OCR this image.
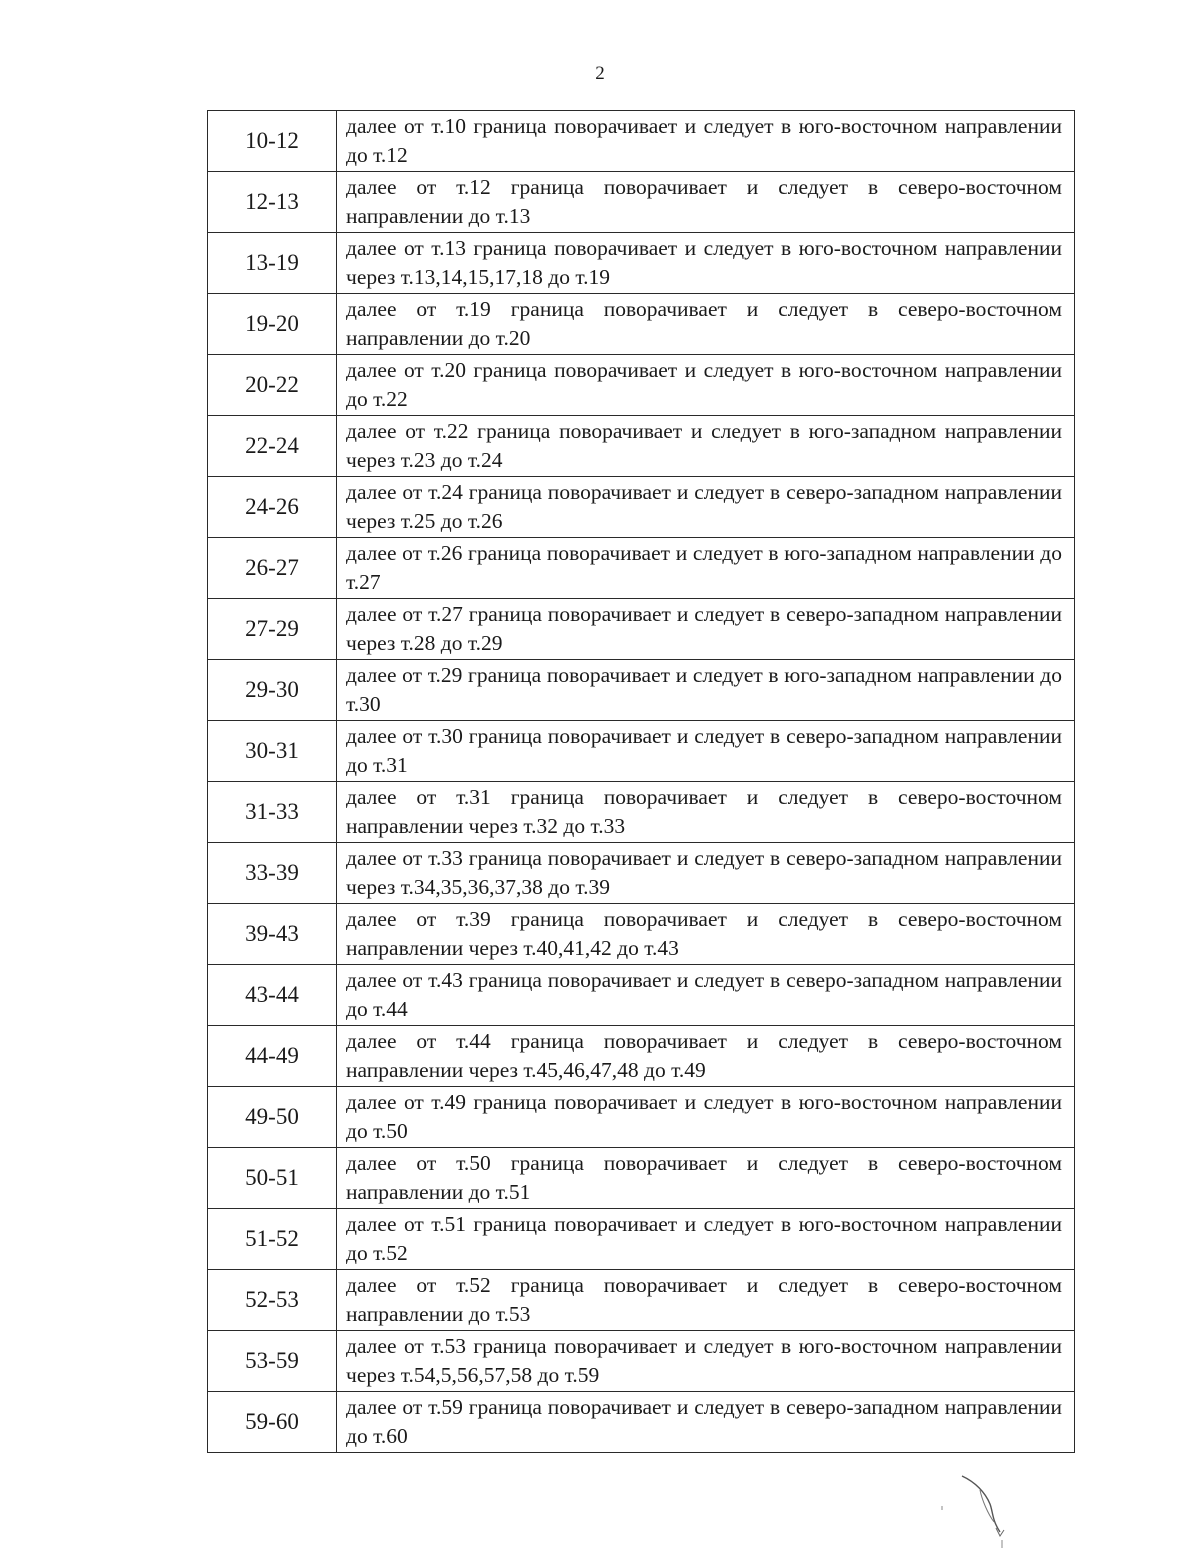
2
10-12	далее от т.10 граница поворачивает и следует в юго-восточном направлении до т.12
12-13	далее от т.12 граница поворачивает и следует в северо-восточном направлении до т.13
13-19	далее от т.13 граница поворачивает и следует в юго-восточном направлении через т.13,14,15,17,18 до т.19
19-20	далее от т.19 граница поворачивает и следует в северо-восточном направлении до т.20
20-22	далее от т.20 граница поворачивает и следует в юго-восточном направлении до т.22
22-24	далее от т.22 граница поворачивает и следует в юго-западном направлении через т.23 до т.24
24-26	далее от т.24 граница поворачивает и следует в северо-западном направлении через т.25 до т.26
26-27	далее от т.26 граница поворачивает и следует в юго-западном направлении до т.27
27-29	далее от т.27 граница поворачивает и следует в северо-западном направлении через т.28 до т.29
29-30	далее от т.29 граница поворачивает и следует в юго-западном направлении до т.30
30-31	далее от т.30 граница поворачивает и следует в северо-западном направлении до т.31
31-33	далее от т.31 граница поворачивает и следует в северо-восточном направлении через т.32 до т.33
33-39	далее от т.33 граница поворачивает и следует в северо-западном направлении через т.34,35,36,37,38 до т.39
39-43	далее от т.39 граница поворачивает и следует в северо-восточном направлении через т.40,41,42 до т.43
43-44	далее от т.43 граница поворачивает и следует в северо-западном направлении до т.44
44-49	далее от т.44 граница поворачивает и следует в северо-восточном направлении через т.45,46,47,48 до т.49
49-50	далее от т.49 граница поворачивает и следует в юго-восточном направлении до т.50
50-51	далее от т.50 граница поворачивает и следует в северо-восточном направлении до т.51
51-52	далее от т.51 граница поворачивает и следует в юго-восточном направлении до т.52
52-53	далее от т.52 граница поворачивает и следует в северо-восточном направлении до т.53
53-59	далее от т.53 граница поворачивает и следует в юго-восточном направлении через т.54,5,56,57,58 до т.59
59-60	далее от т.59 граница поворачивает и следует в северо-западном направлении до т.60
